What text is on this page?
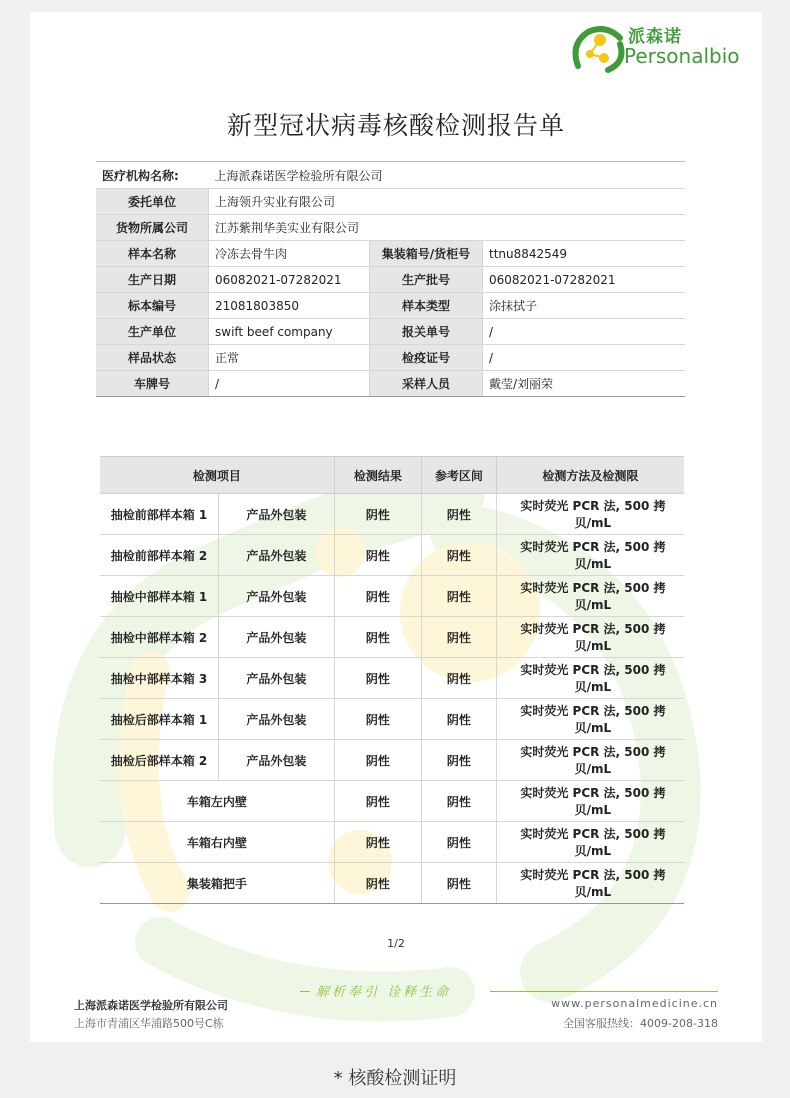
派森诺
Personalbio
新型冠状病毒核酸检测报告单
医疗机构名称:	上海派森诺医学检验所有限公司		
委托单位	上海领升实业有限公司		
货物所属公司	江苏紫荆华美实业有限公司		
样本名称	冷冻去骨牛肉	集装箱号/货柜号	ttnu8842549
生产日期	06082021-07282021	生产批号	06082021-07282021
标本编号	21081803850	样本类型	涂抹拭子
生产单位	swift beef company	报关单号	/
样品状态	正常	检疫证号	/
车牌号	/	采样人员	戴莹/刘丽荣
检测项目		检测结果	参考区间	检测方法及检测限
抽检前部样本箱 1	产品外包装	阴性	阴性	实时荧光 PCR 法, 500 拷贝/mL
抽检前部样本箱 2	产品外包装	阴性	阴性	实时荧光 PCR 法, 500 拷贝/mL
抽检中部样本箱 1	产品外包装	阴性	阴性	实时荧光 PCR 法, 500 拷贝/mL
抽检中部样本箱 2	产品外包装	阴性	阴性	实时荧光 PCR 法, 500 拷贝/mL
抽检中部样本箱 3	产品外包装	阴性	阴性	实时荧光 PCR 法, 500 拷贝/mL
抽检后部样本箱 1	产品外包装	阴性	阴性	实时荧光 PCR 法, 500 拷贝/mL
抽检后部样本箱 2	产品外包装	阴性	阴性	实时荧光 PCR 法, 500 拷贝/mL
车箱左内壁		阴性	阴性	实时荧光 PCR 法, 500 拷贝/mL
车箱右内壁		阴性	阴性	实时荧光 PCR 法, 500 拷贝/mL
集装箱把手		阴性	阴性	实时荧光 PCR 法, 500 拷贝/mL
1/2
解析奉引 诠释生命
上海派森诺医学检验所有限公司
上海市青浦区华浦路500号C栋
www.personalmedicine.cn
全国客服热线：4009-208-318
* 核酸检测证明
